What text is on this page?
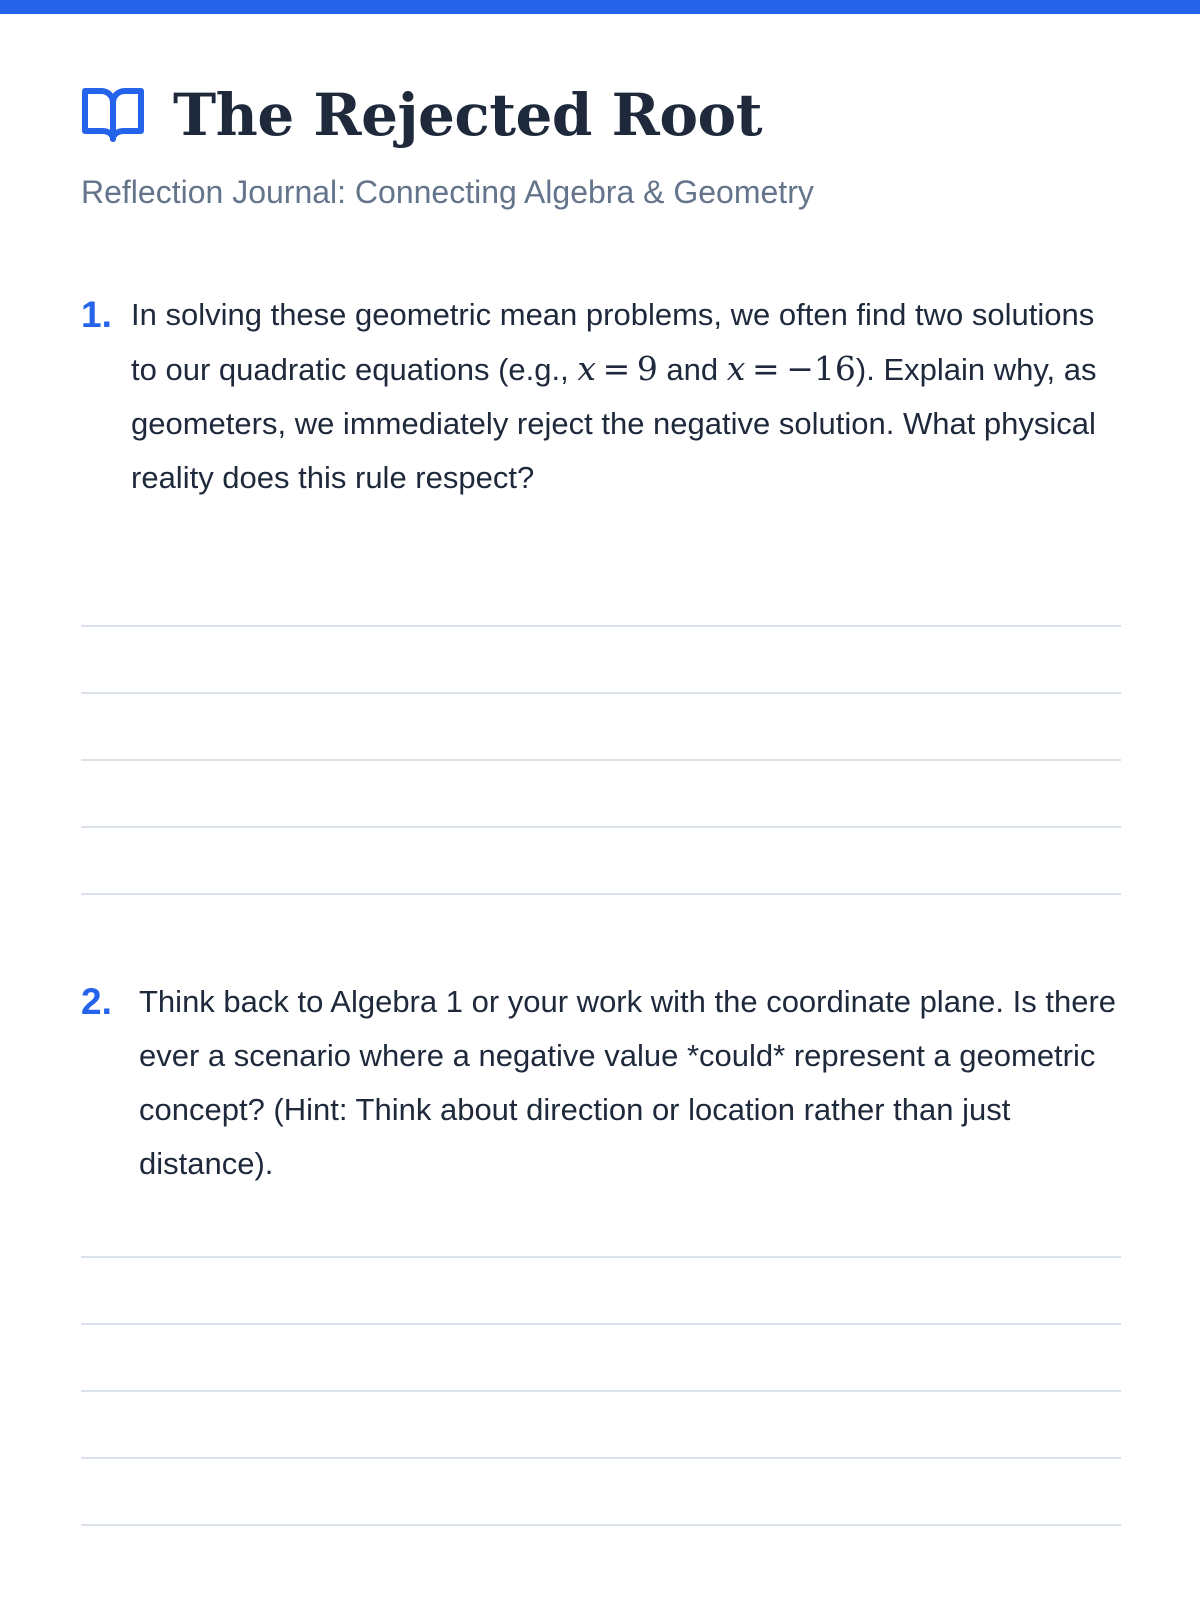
The Rejected Root
Reflection Journal: Connecting Algebra & Geometry
1. In solving these geometric mean problems, we often find two solutions to our quadratic equations (e.g., x  =  9 and x  =  −16). Explain why, as geometers, we immediately reject the negative solution. What physical reality does this rule respect?
2. Think back to Algebra 1 or your work with the coordinate plane. Is there ever a scenario where a negative value *could* represent a geometric concept? (Hint: Think about direction or location rather than just distance).
